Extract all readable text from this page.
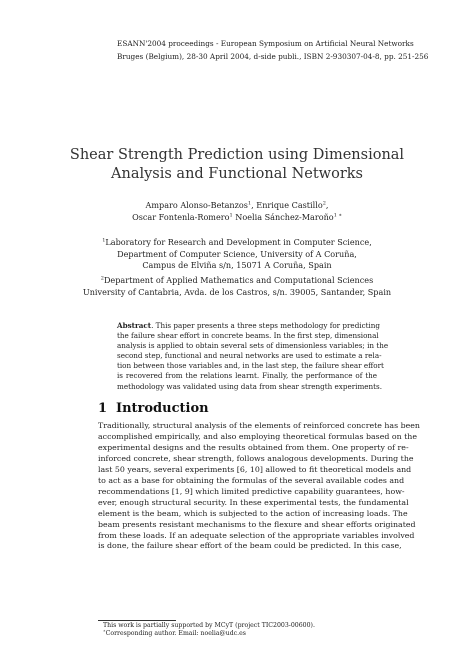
ESANN'2004 proceedings - European Symposium on Artificial Neural Networks
Bruges (Belgium), 28-30 April 2004, d-side publi., ISBN 2-930307-04-8, pp. 251-256
Shear Strength Prediction using Dimensional
Analysis and Functional Networks
Amparo Alonso-Betanzos$^1$, Enrique Castillo$^2$,
Oscar Fontenla-Romero$^1$ Noelia Sánchez-Maroño$^{1 ∗}$
$^1$Laboratory for Research and Development in Computer Science,
Department of Computer Science, University of A Coruña,
Campus de Elviña s/n, 15071 A Coruña, Spain
$^2$Department of Applied Mathematics and Computational Sciences
University of Cantabria, Avda. de los Castros, s/n. 39005, Santander, Spain
Abstract. This paper presents a three steps methodology for predicting
the failure shear effort in concrete beams. In the first step, dimensional
analysis is applied to obtain several sets of dimensionless variables; in the
second step, functional and neural networks are used to estimate a rela-
tion between those variables and, in the last step, the failure shear effort
is recovered from the relations learnt. Finally, the performance of the
methodology was validated using data from shear strength experiments.
1 Introduction
Traditionally, structural analysis of the elements of reinforced concrete has been
accomplished empirically, and also employing theoretical formulas based on the
experimental designs and the results obtained from them. One property of re-
inforced concrete, shear strength, follows analogous developments. During the
last 50 years, several experiments [6, 10] allowed to fit theoretical models and
to act as a base for obtaining the formulas of the several available codes and
recommendations [1, 9] which limited predictive capability guarantees, how-
ever, enough structural security. In these experimental tests, the fundamental
element is the beam, which is subjected to the action of increasing loads. The
beam presents resistant mechanisms to the flexure and shear efforts originated
from these loads. If an adequate selection of the appropriate variables involved
is done, the failure shear effort of the beam could be predicted. In this case,
This work is partially supported by MCyT (project TIC2003-00600).
∗Corresponding author. Email: noelia@udc.es
